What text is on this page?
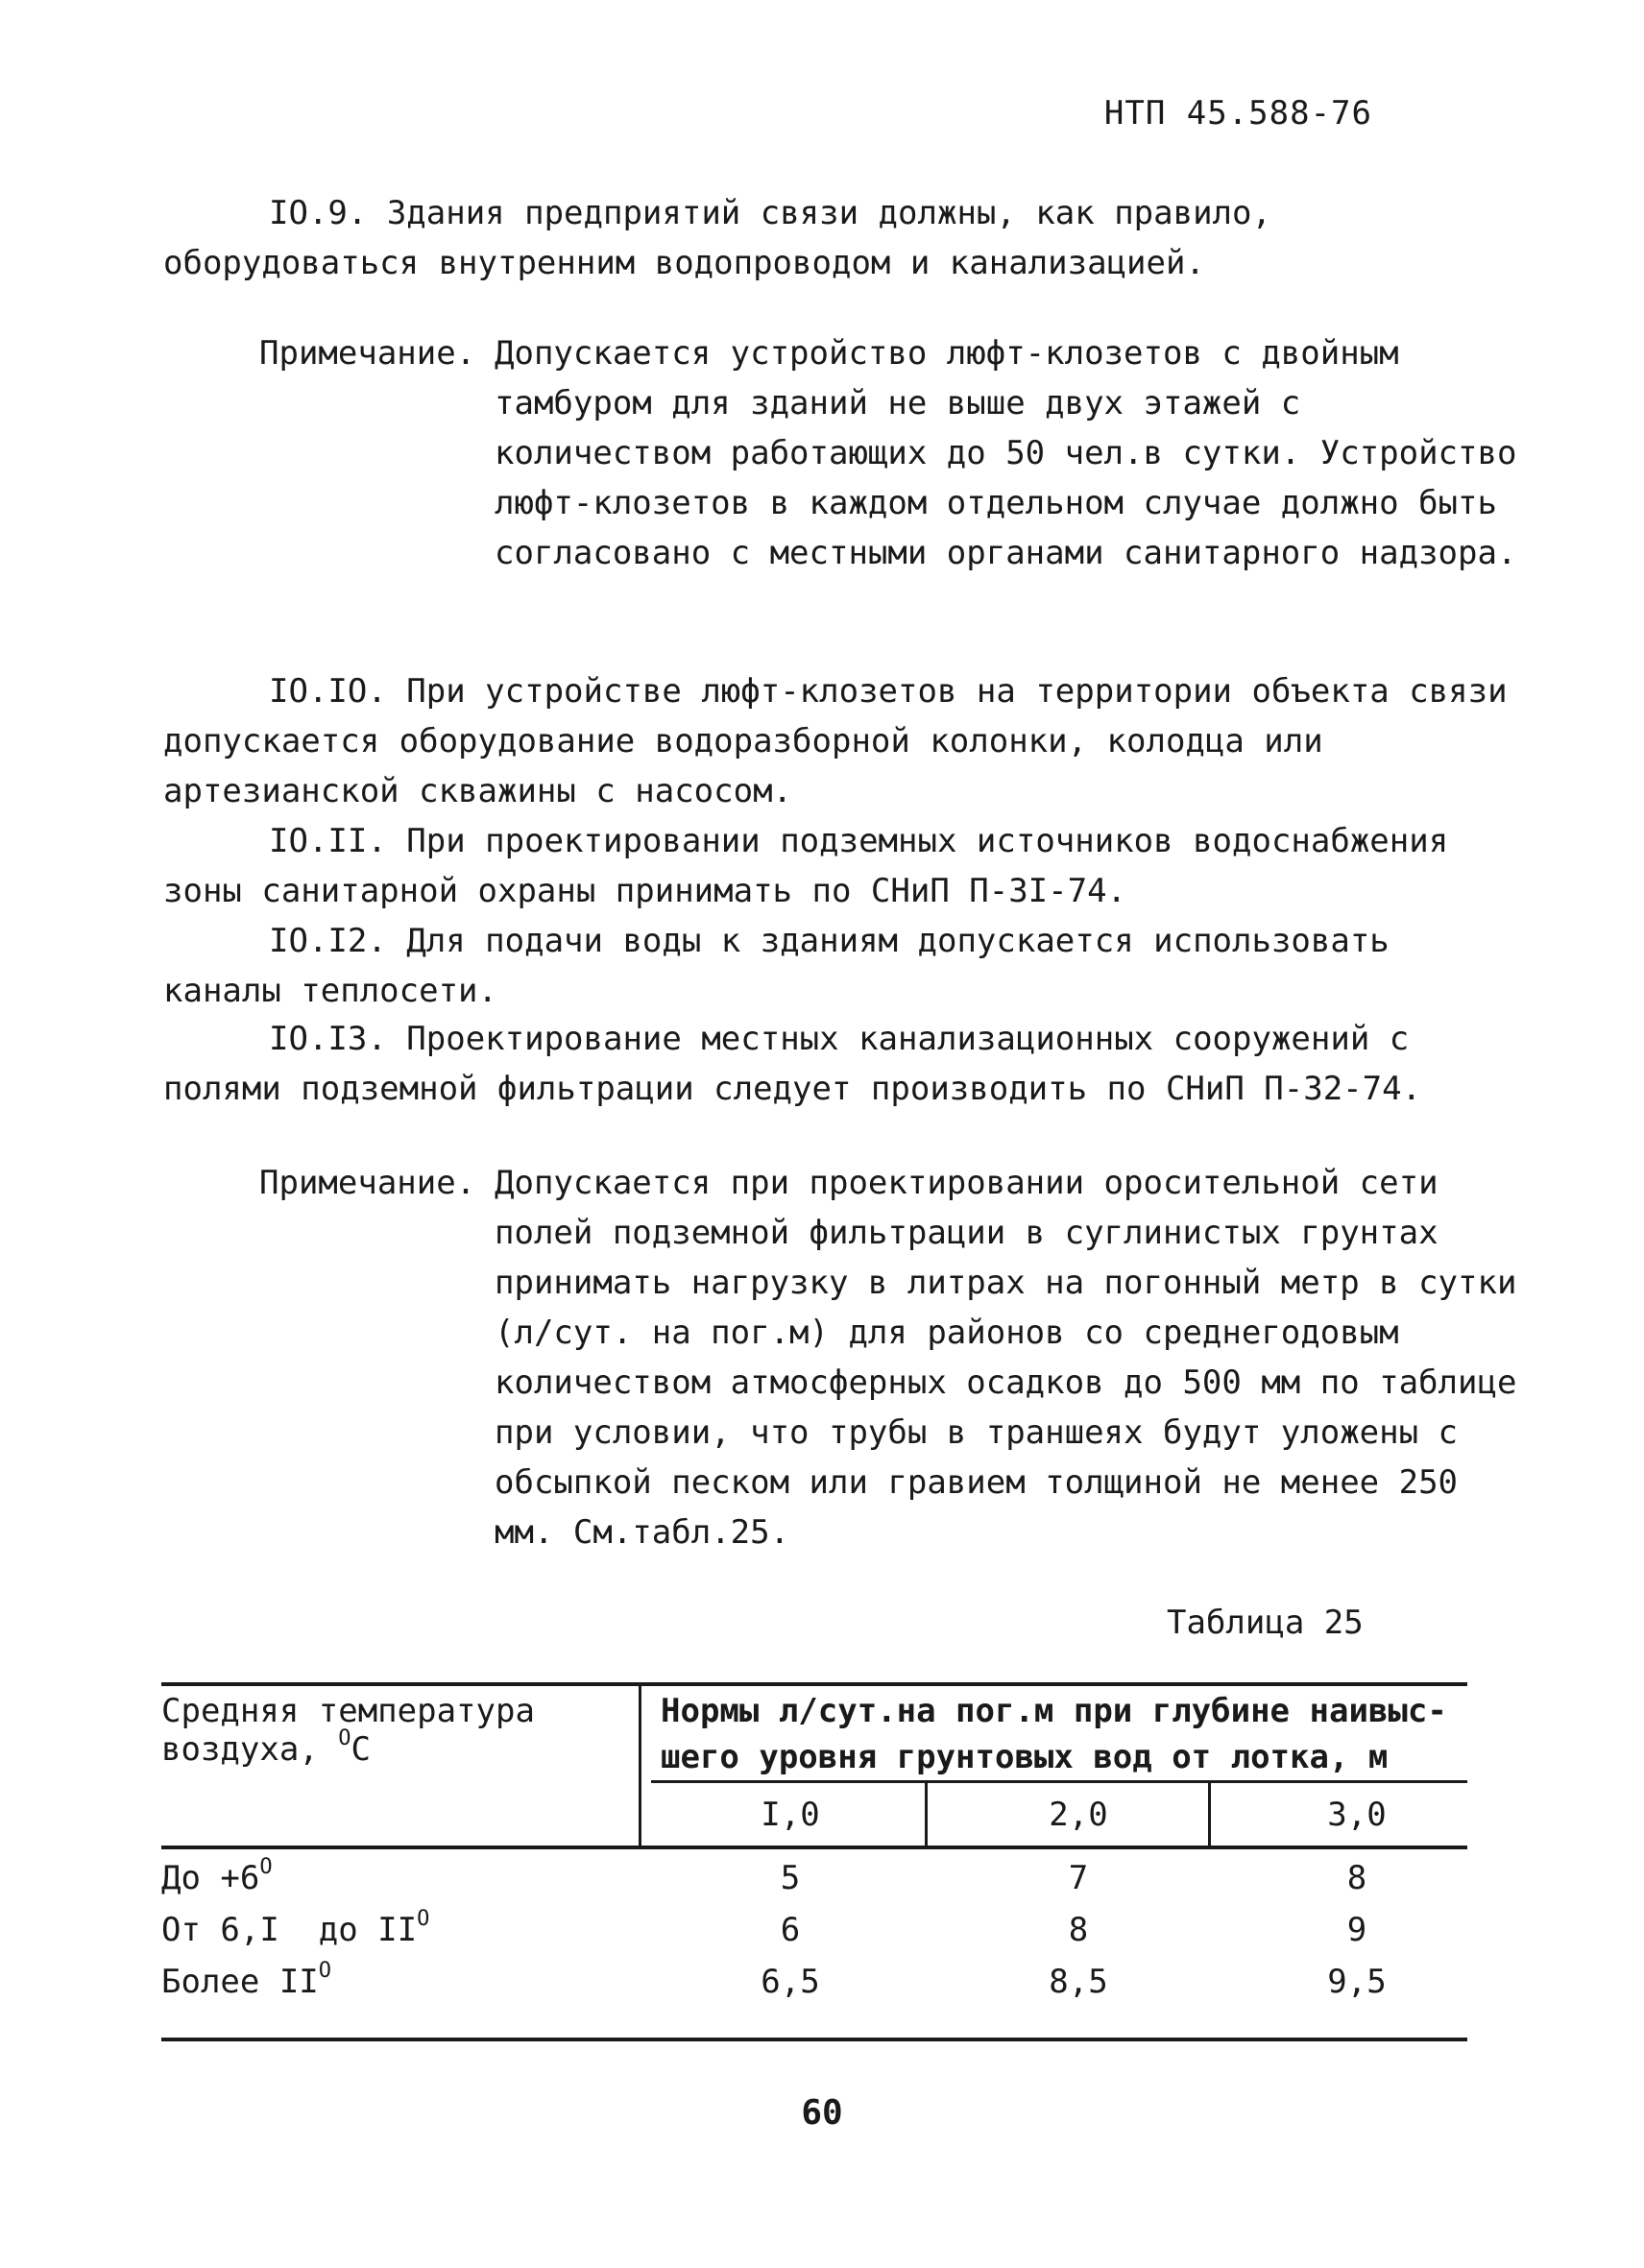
НТП 45.588-76

IO.9. Здания предприятий связи должны, как правило, оборудоваться внутренним водопроводом и канализацией.

Примечание. Допускается устройство люфт-клозетов с двойным тамбуром для зданий не выше двух этажей с количеством работающих до 50 чел.в сутки. Устройство люфт-клозетов в каждом отдельном случае должно быть согласовано с местными органами санитарного надзора.

IO.IO. При устройстве люфт-клозетов на территории объекта связи допускается оборудование водоразборной колонки, колодца или артезианской скважины с насосом.

IO.II. При проектировании подземных источников водоснабжения зоны санитарной охраны принимать по СНиП П-3I-74.

IO.I2. Для подачи воды к зданиям допускается использовать каналы теплосети.

IO.I3. Проектирование местных канализационных сооружений с полями подземной фильтрации следует производить по СНиП П-32-74.

Примечание. Допускается при проектировании оросительной сети полей подземной фильтрации в суглинистых грунтах принимать нагрузку в литрах на погонный метр в сутки (л/сут. на пог.м) для районов со среднегодовым количеством атмосферных осадков до 500 мм по таблице при условии, что трубы в траншеях будут уложены с обсыпкой песком или гравием толщиной не менее 250 мм. См.табл.25.
Таблица 25
Средняя температура
воздуха, $^О$С
Нормы л/сут.на пог.м при глубине наивыс-
шего уровня грунтовых вод от лотка, м
I,0	2,0	3,0
До $+6^О$	5	7	8
От 6,I  до $II^О$	6	8	9
Более $II^О$	6,5	8,5	9,5
60
